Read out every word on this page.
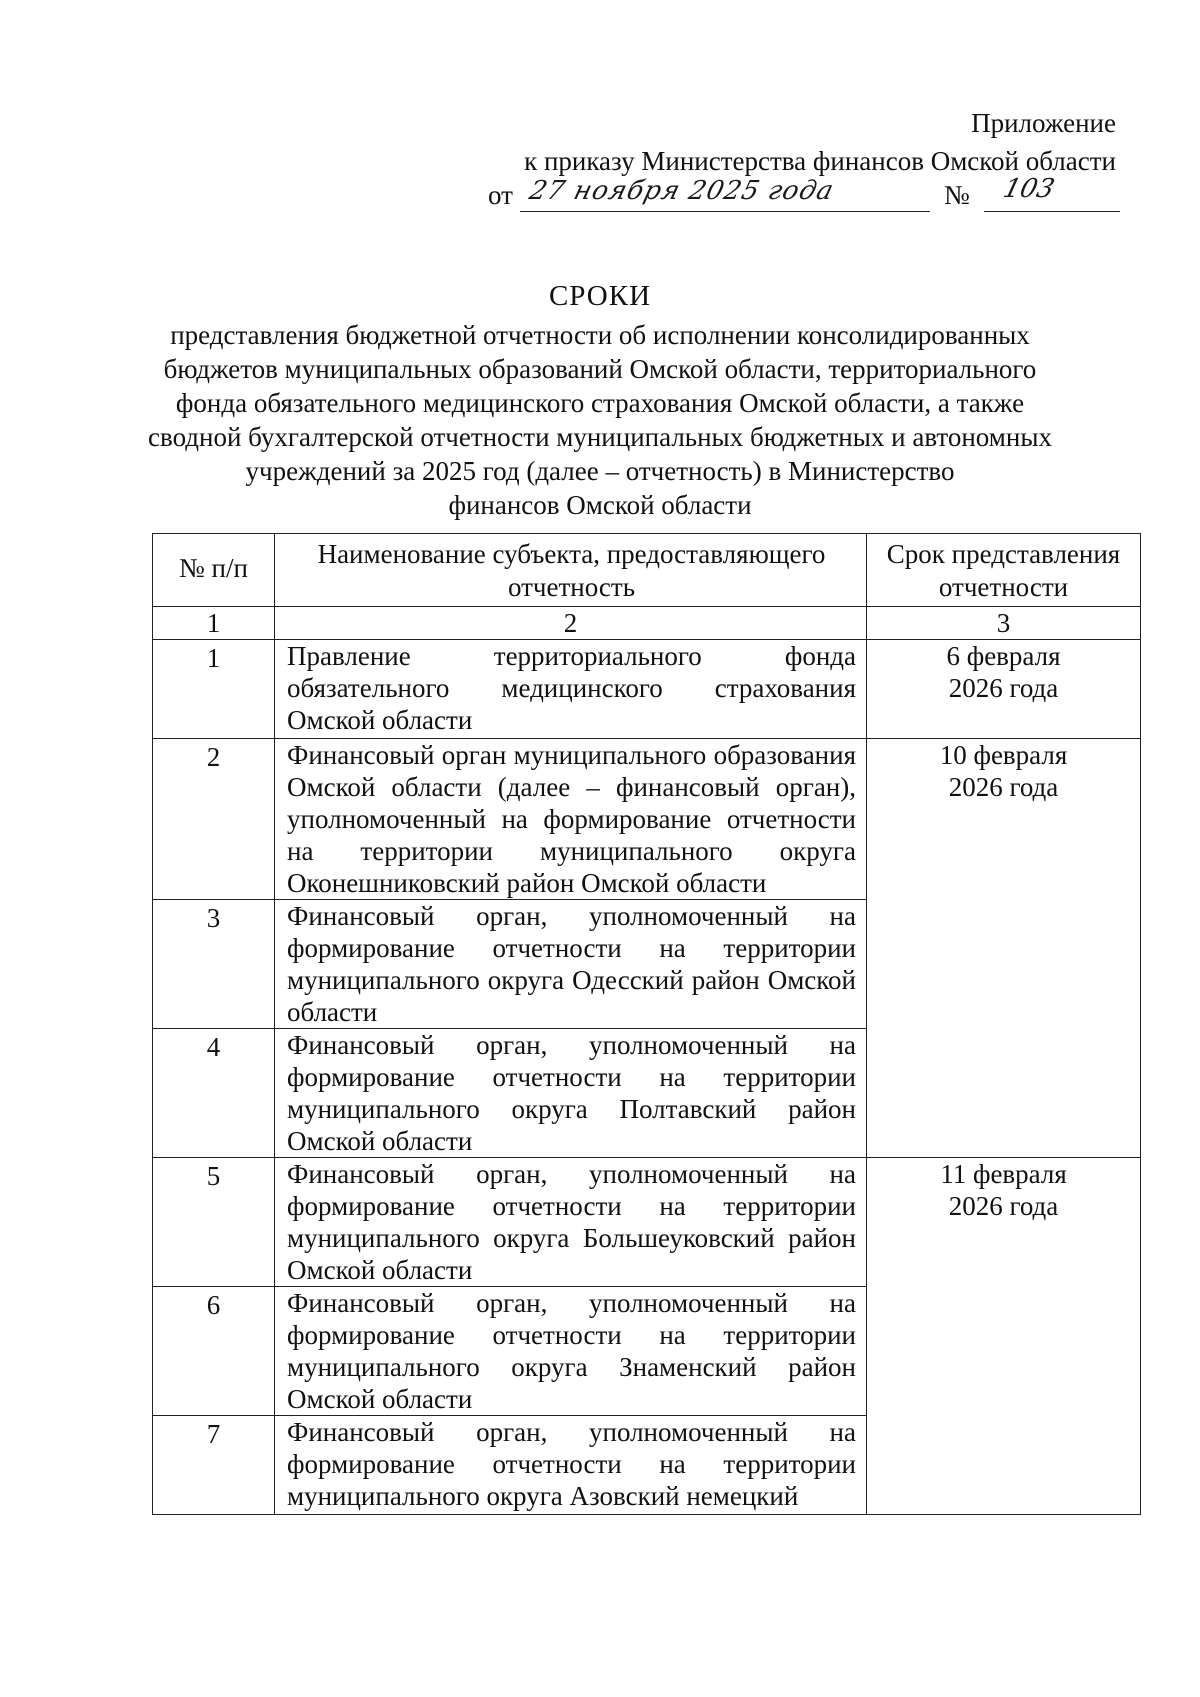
Приложение
к приказу Министерства финансов Омской области
от 27 ноября 2025 года	№ 103
СРОКИ
представления бюджетной отчетности об исполнении консолидированных
бюджетов муниципальных образований Омской области, территориального
фонда обязательного медицинского страхования Омской области, а также
сводной бухгалтерской отчетности муниципальных бюджетных и автономных
учреждений за 2025 год (далее – отчетность) в Министерство
финансов Омской области
№ п/п	Наименование субъекта, предоставляющего отчетность	Срок представления отчетности

1	2	3
1	Правление территориального фонда обязательного медицинского страхования Омской области	6 февраля
2026 года

2	Финансовый орган муниципального образования Омской области (далее – финансовый орган), уполномоченный на формирование отчетности на территории муниципального округа Оконешниковский район Омской области	10 февраля
2026 года

3	Финансовый орган, уполномоченный на формирование отчетности на территории муниципального округа Одесский район Омской области	
4	Финансовый орган, уполномоченный на формирование отчетности на территории муниципального округа Полтавский район Омской области	
5	Финансовый орган, уполномоченный на формирование отчетности на территории муниципального округа Большеуковский район Омской области	11 февраля
2026 года

6	Финансовый орган, уполномоченный на формирование отчетности на территории муниципального округа Знаменский район Омской области	
7	Финансовый орган, уполномоченный на формирование отчетности на территории муниципального округа Азовский немецкий	
